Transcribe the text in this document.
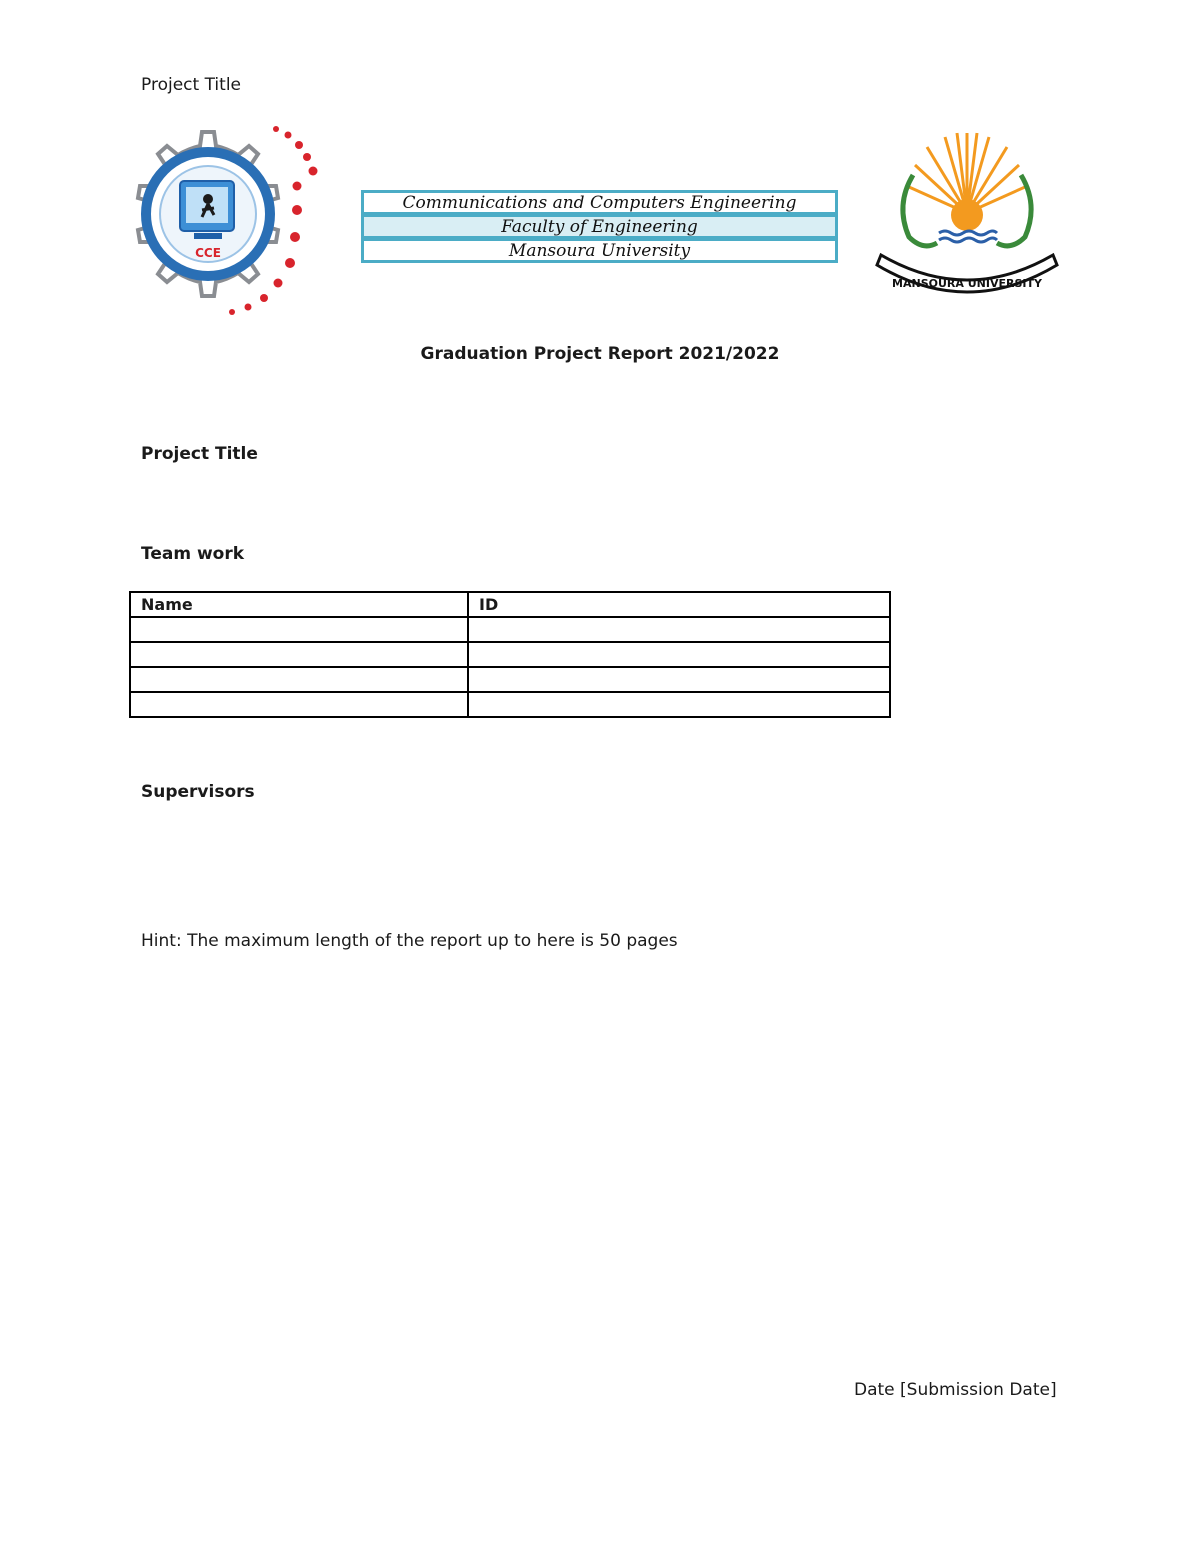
Project Title
CCE
Communications and Computers Engineering
Faculty of Engineering
Mansoura University
MANSOURA UNIVERSITY
Graduation Project Report 2021/2022
Project Title
Team work
Name	ID

Supervisors
Hint: The maximum length of the report up to here is 50 pages
Date [Submission Date]
